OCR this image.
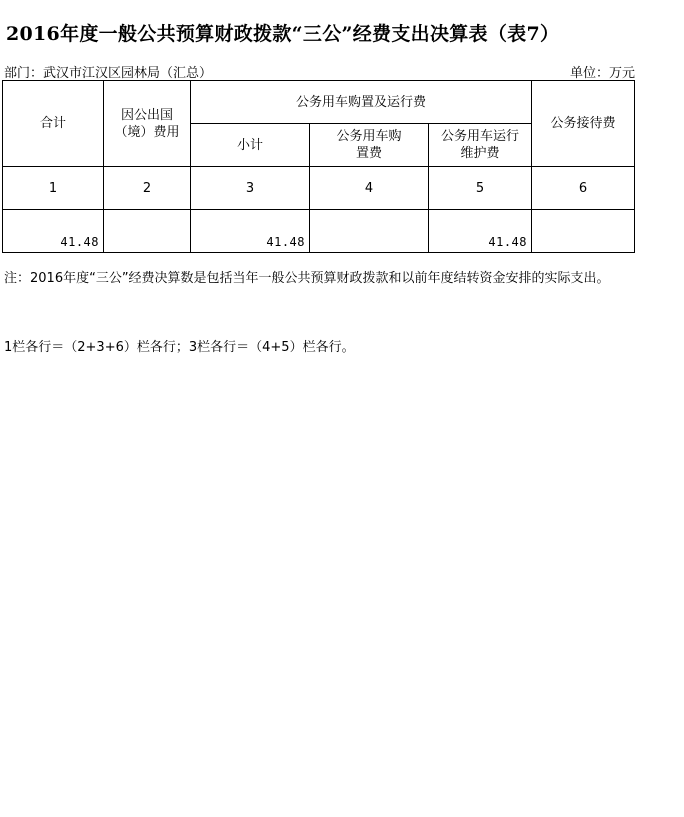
2016年度一般公共预算财政拨款“三公”经费支出决算表（表7）
部门：武汉市江汉区园林局（汇总）	单位：万元
合计	因公出国（境）费用	公务用车购置及运行费			公务接待费
		小计	公务用车购置费	公务用车运行维护费	
1	2	3	4	5	6
41.48		41.48		41.48	
注：2016年度“三公”经费决算数是包括当年一般公共预算财政拨款和以前年度结转资金安排的实际支出。
1栏各行＝（2+3+6）栏各行；3栏各行＝（4+5）栏各行。
